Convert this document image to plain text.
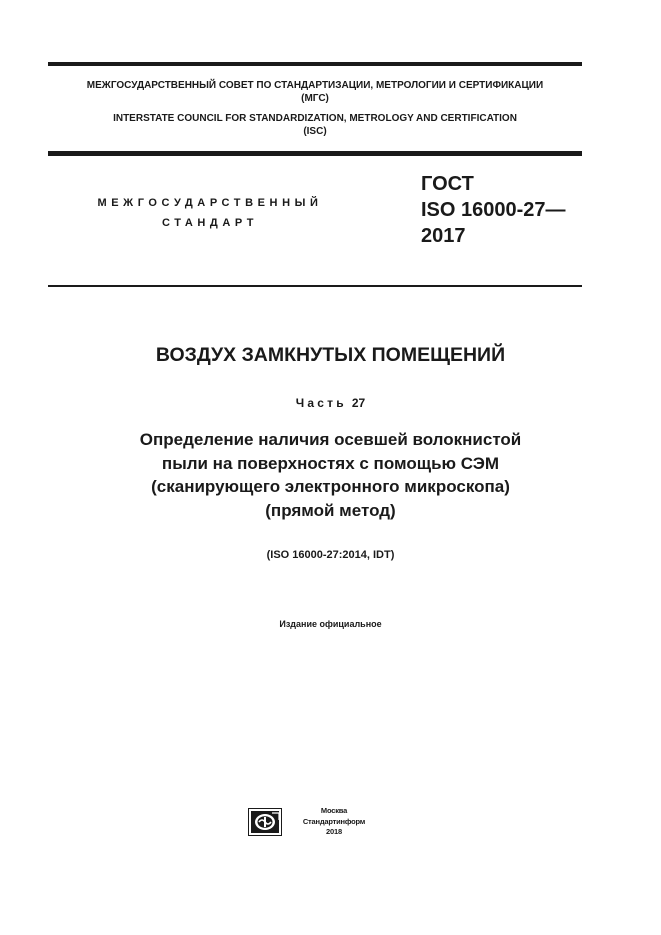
МЕЖГОСУДАРСТВЕННЫЙ СОВЕТ ПО СТАНДАРТИЗАЦИИ, МЕТРОЛОГИИ И СЕРТИФИКАЦИИ
(МГС)
INTERSTATE COUNCIL FOR STANDARDIZATION, METROLOGY AND CERTIFICATION
(ISC)
МЕЖГОСУДАРСТВЕННЫЙ
СТАНДАРТ
ГОСТ
ISO 16000-27—
2017
ВОЗДУХ ЗАМКНУТЫХ ПОМЕЩЕНИЙ
Часть 27
Определение наличия осевшей волокнистой
пыли на поверхностях с помощью СЭМ
(сканирующего электронного микроскопа)
(прямой метод)
(ISO 16000-27:2014, IDT)
Издание официальное
Москва
Стандартинформ
2018
